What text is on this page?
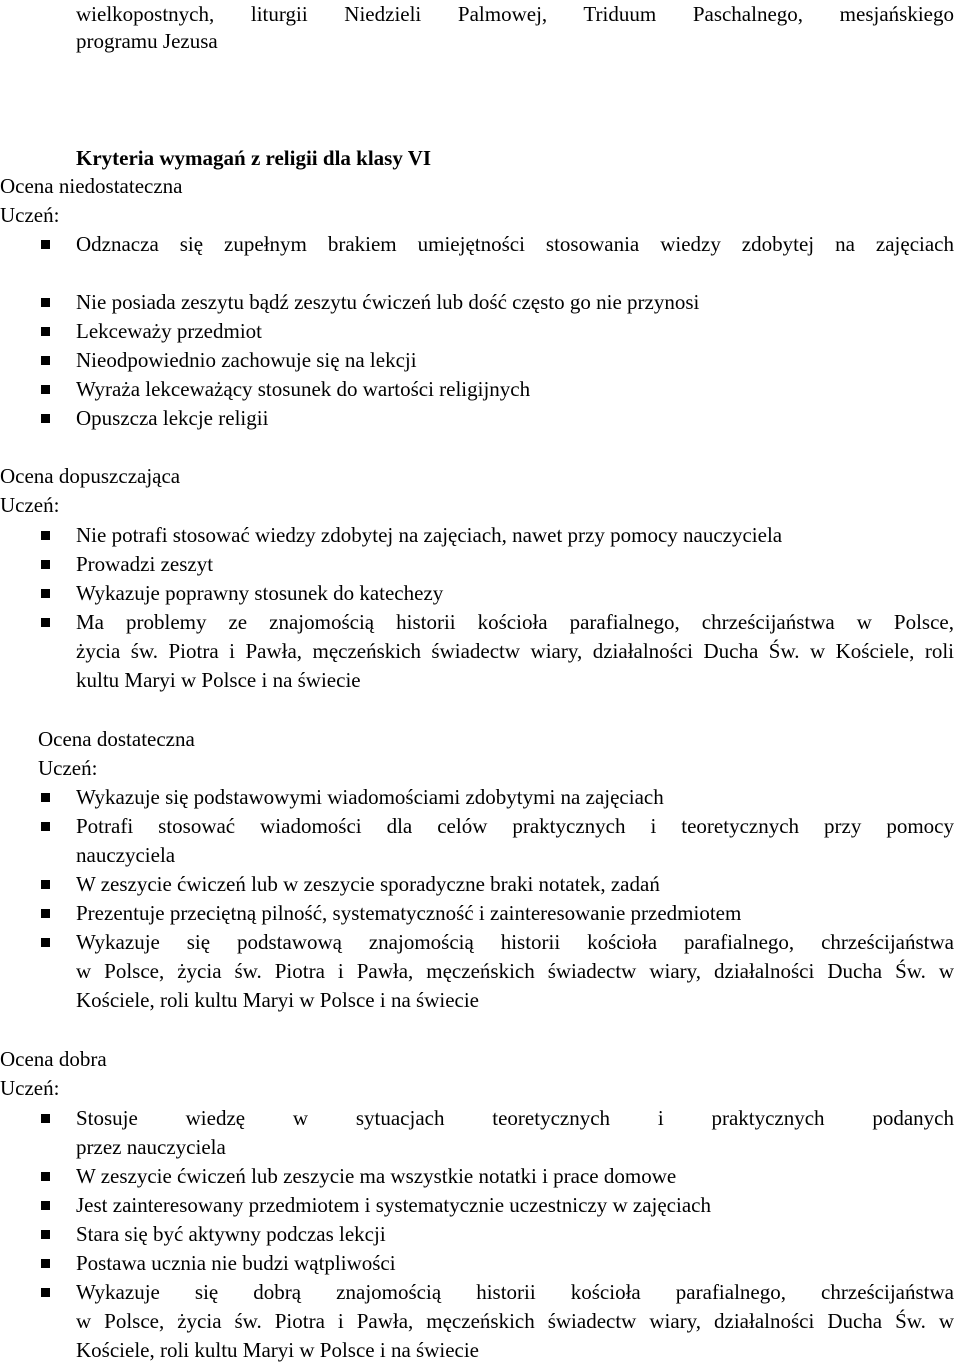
wielkopostnych, liturgii Niedzieli Palmowej, Triduum Paschalnego, mesjańskiego
programu Jezusa
Kryteria wymagań z religii dla klasy VI
Ocena niedostateczna
Uczeń:
Odznacza się zupełnym brakiem umiejętności stosowania wiedzy zdobytej na zajęciach
Nie posiada zeszytu bądź zeszytu ćwiczeń lub dość często go nie przynosi
Lekceważy przedmiot
Nieodpowiednio zachowuje się na lekcji
Wyraża lekceważący stosunek do wartości religijnych
Opuszcza lekcje religii
Ocena dopuszczająca
Uczeń:
Nie potrafi stosować wiedzy zdobytej na zajęciach, nawet przy pomocy nauczyciela
Prowadzi zeszyt
Wykazuje poprawny stosunek do katechezy
Ma problemy ze znajomością historii kościoła parafialnego, chrześcijaństwa w Polsce,
życia św. Piotra i Pawła, męczeńskich świadectw wiary, działalności Ducha Św. w Kościele, roli
kultu Maryi w Polsce i na świecie
Ocena dostateczna
Uczeń:
Wykazuje się podstawowymi wiadomościami zdobytymi na zajęciach
Potrafi stosować wiadomości dla celów praktycznych i teoretycznych przy pomocy
nauczyciela
W zeszycie ćwiczeń lub w zeszycie sporadyczne braki notatek, zadań
Prezentuje przeciętną pilność, systematyczność i zainteresowanie przedmiotem
Wykazuje się podstawową znajomością historii kościoła parafialnego, chrześcijaństwa
w Polsce, życia św. Piotra i Pawła, męczeńskich świadectw wiary, działalności Ducha Św. w
Kościele, roli kultu Maryi w Polsce i na świecie
Ocena dobra
Uczeń:
Stosuje wiedzę w sytuacjach teoretycznych i praktycznych podanych
przez nauczyciela
W zeszycie ćwiczeń lub zeszycie ma wszystkie notatki i prace domowe
Jest zainteresowany przedmiotem i systematycznie uczestniczy w zajęciach
Stara się być aktywny podczas lekcji
Postawa ucznia nie budzi wątpliwości
Wykazuje się dobrą znajomością historii kościoła parafialnego, chrześcijaństwa
w Polsce, życia św. Piotra i Pawła, męczeńskich świadectw wiary, działalności Ducha Św. w
Kościele, roli kultu Maryi w Polsce i na świecie
